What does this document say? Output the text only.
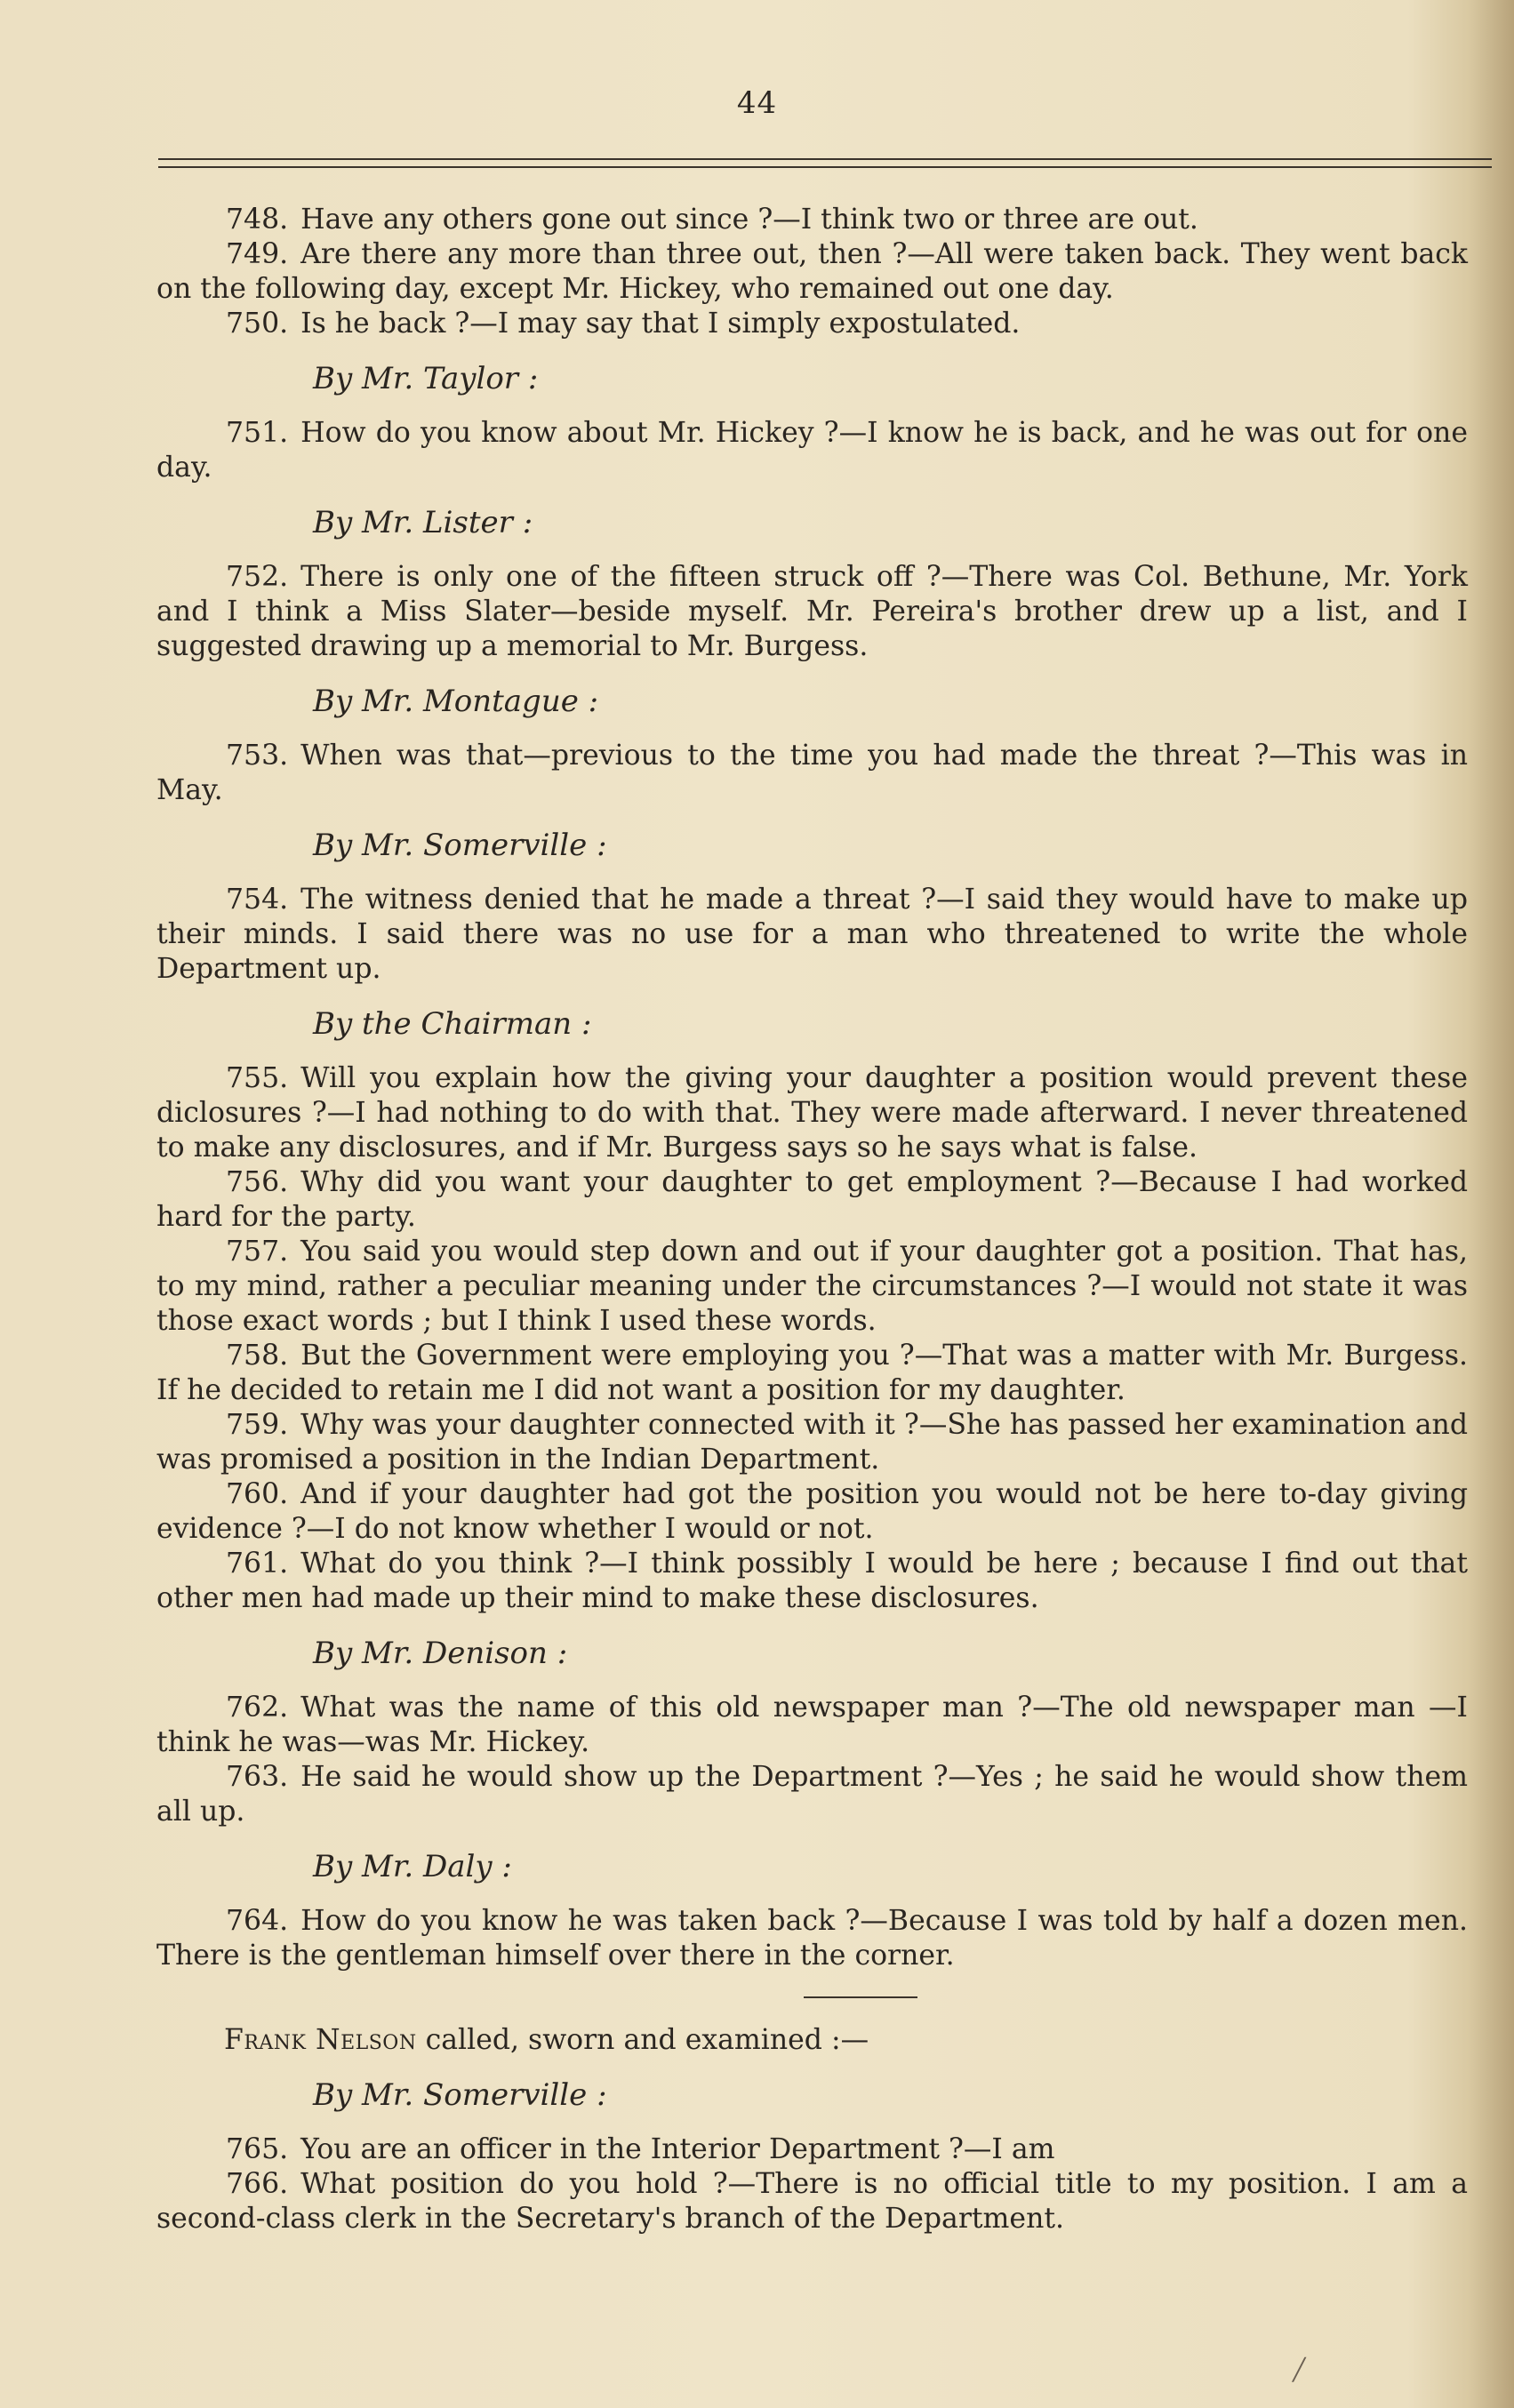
44

748. Have any others gone out since ?—I think two or three are out.

749. Are there any more than three out, then ?—All were taken back. They went back on the following day, except Mr. Hickey, who remained out one day.

750. Is he back ?—I may say that I simply expostulated.

By Mr. Taylor :

751. How do you know about Mr. Hickey ?—I know he is back, and he was out for one day.

By Mr. Lister :

752. There is only one of the fifteen struck off ?—There was Col. Bethune, Mr. York and I think a Miss Slater—beside myself. Mr. Pereira's brother drew up a list, and I suggested drawing up a memorial to Mr. Burgess.

By Mr. Montague :

753. When was that—previous to the time you had made the threat ?—This was in May.

By Mr. Somerville :

754. The witness denied that he made a threat ?—I said they would have to make up their minds. I said there was no use for a man who threatened to write the whole Department up.

By the Chairman :

755. Will you explain how the giving your daughter a position would prevent these diclosures ?—I had nothing to do with that. They were made afterward. I never threatened to make any disclosures, and if Mr. Burgess says so he says what is false.

756. Why did you want your daughter to get employment ?—Because I had worked hard for the party.

757. You said you would step down and out if your daughter got a position. That has, to my mind, rather a peculiar meaning under the circumstances ?—I would not state it was those exact words ; but I think I used these words.

758. But the Government were employing you ?—That was a matter with Mr. Burgess. If he decided to retain me I did not want a position for my daughter.

759. Why was your daughter connected with it ?—She has passed her examination and was promised a position in the Indian Department.

760. And if your daughter had got the position you would not be here to-day giving evidence ?—I do not know whether I would or not.

761. What do you think ?—I think possibly I would be here ; because I find out that other men had made up their mind to make these disclosures.

By Mr. Denison :

762. What was the name of this old newspaper man ?—The old newspaper man —I think he was—was Mr. Hickey.

763. He said he would show up the Department ?—Yes ; he said he would show them all up.

By Mr. Daly :

764. How do you know he was taken back ?—Because I was told by half a dozen men. There is the gentleman himself over there in the corner.

Frank Nelson called, sworn and examined :—

By Mr. Somerville :

765. You are an officer in the Interior Department ?—I am

766. What position do you hold ?—There is no official title to my position. I am a second-class clerk in the Secretary's branch of the Department.

╱
